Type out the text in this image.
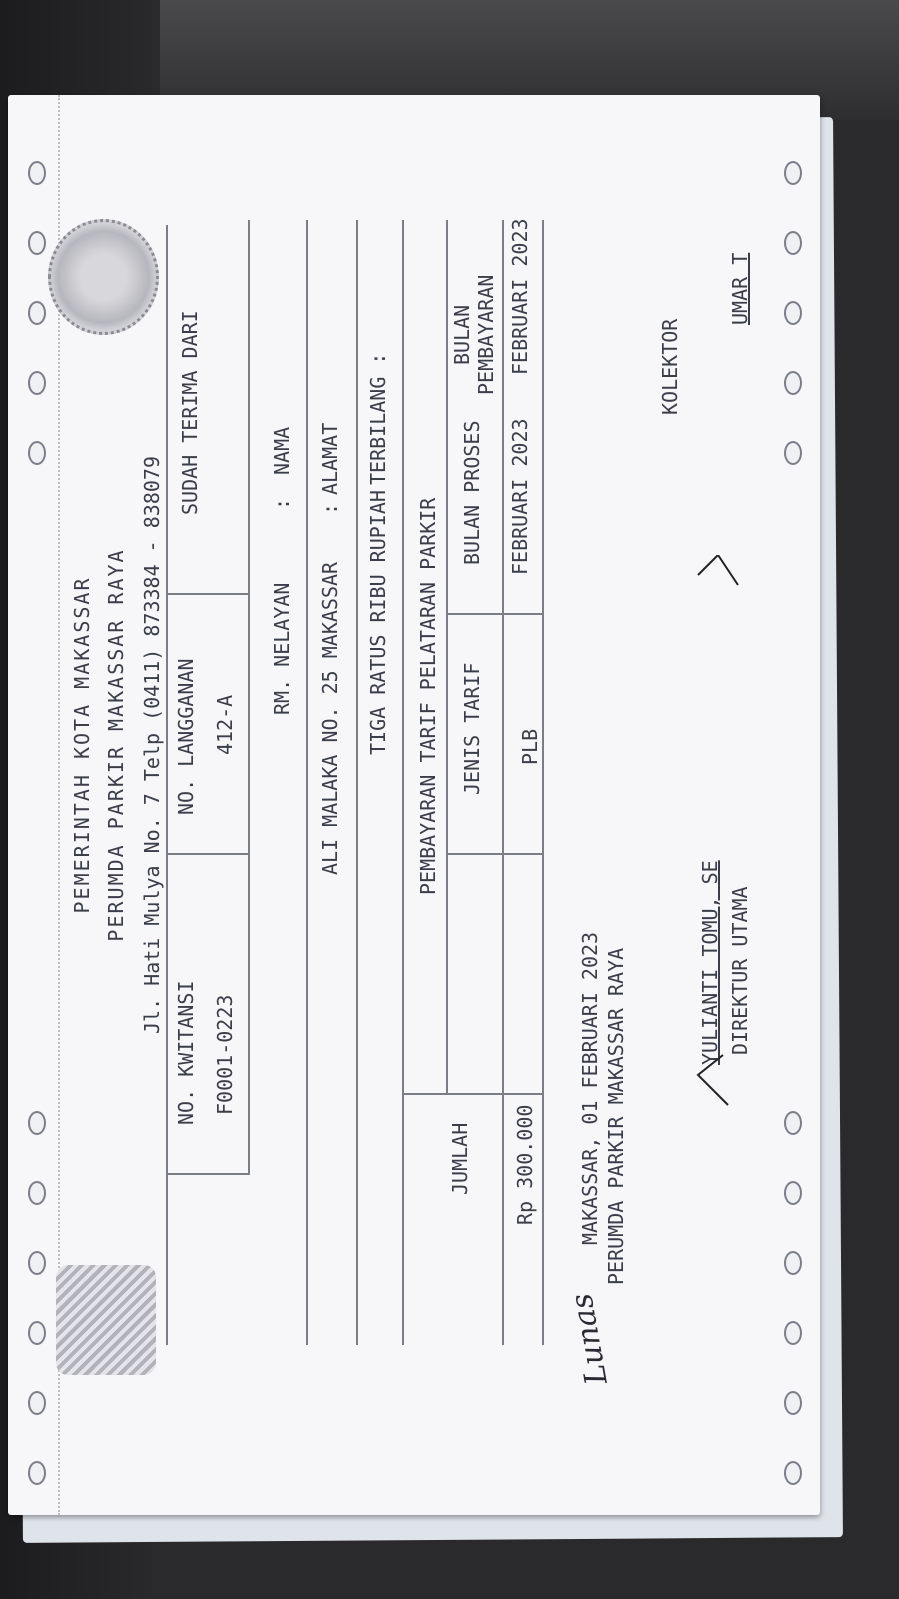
PEMERINTAH KOTA MAKASSAR PERUMDA PARKIR MAKASSAR RAYA Jl. Hati Mulya No. 7 Telp (0411) 873384 - 838079
SUDAH TERIMA DARI
NO. KWITANSI F0001-0223
NO. LANGGANAN 412-A
NAMA
:
RM. NELAYAN
ALAMAT
:
ALI MALAKA NO. 25 MAKASSAR
TERBILANG :
TIGA RATUS RIBU RUPIAH PEMBAYARAN TARIF PELATARAN PARKIR
BULAN PEMBAYARAN
BULAN PROSES
JENIS TARIF
JUMLAH
FEBRUARI 2023
FEBRUARI 2023
PLB
Rp 300.000 MAKASSAR, 01 FEBRUARI 2023 PERUMDA PARKIR MAKASSAR RAYA
Lunas
KOLEKTOR
UMAR T
YULIANTI TOMU, SE DIREKTUR UTAMA
